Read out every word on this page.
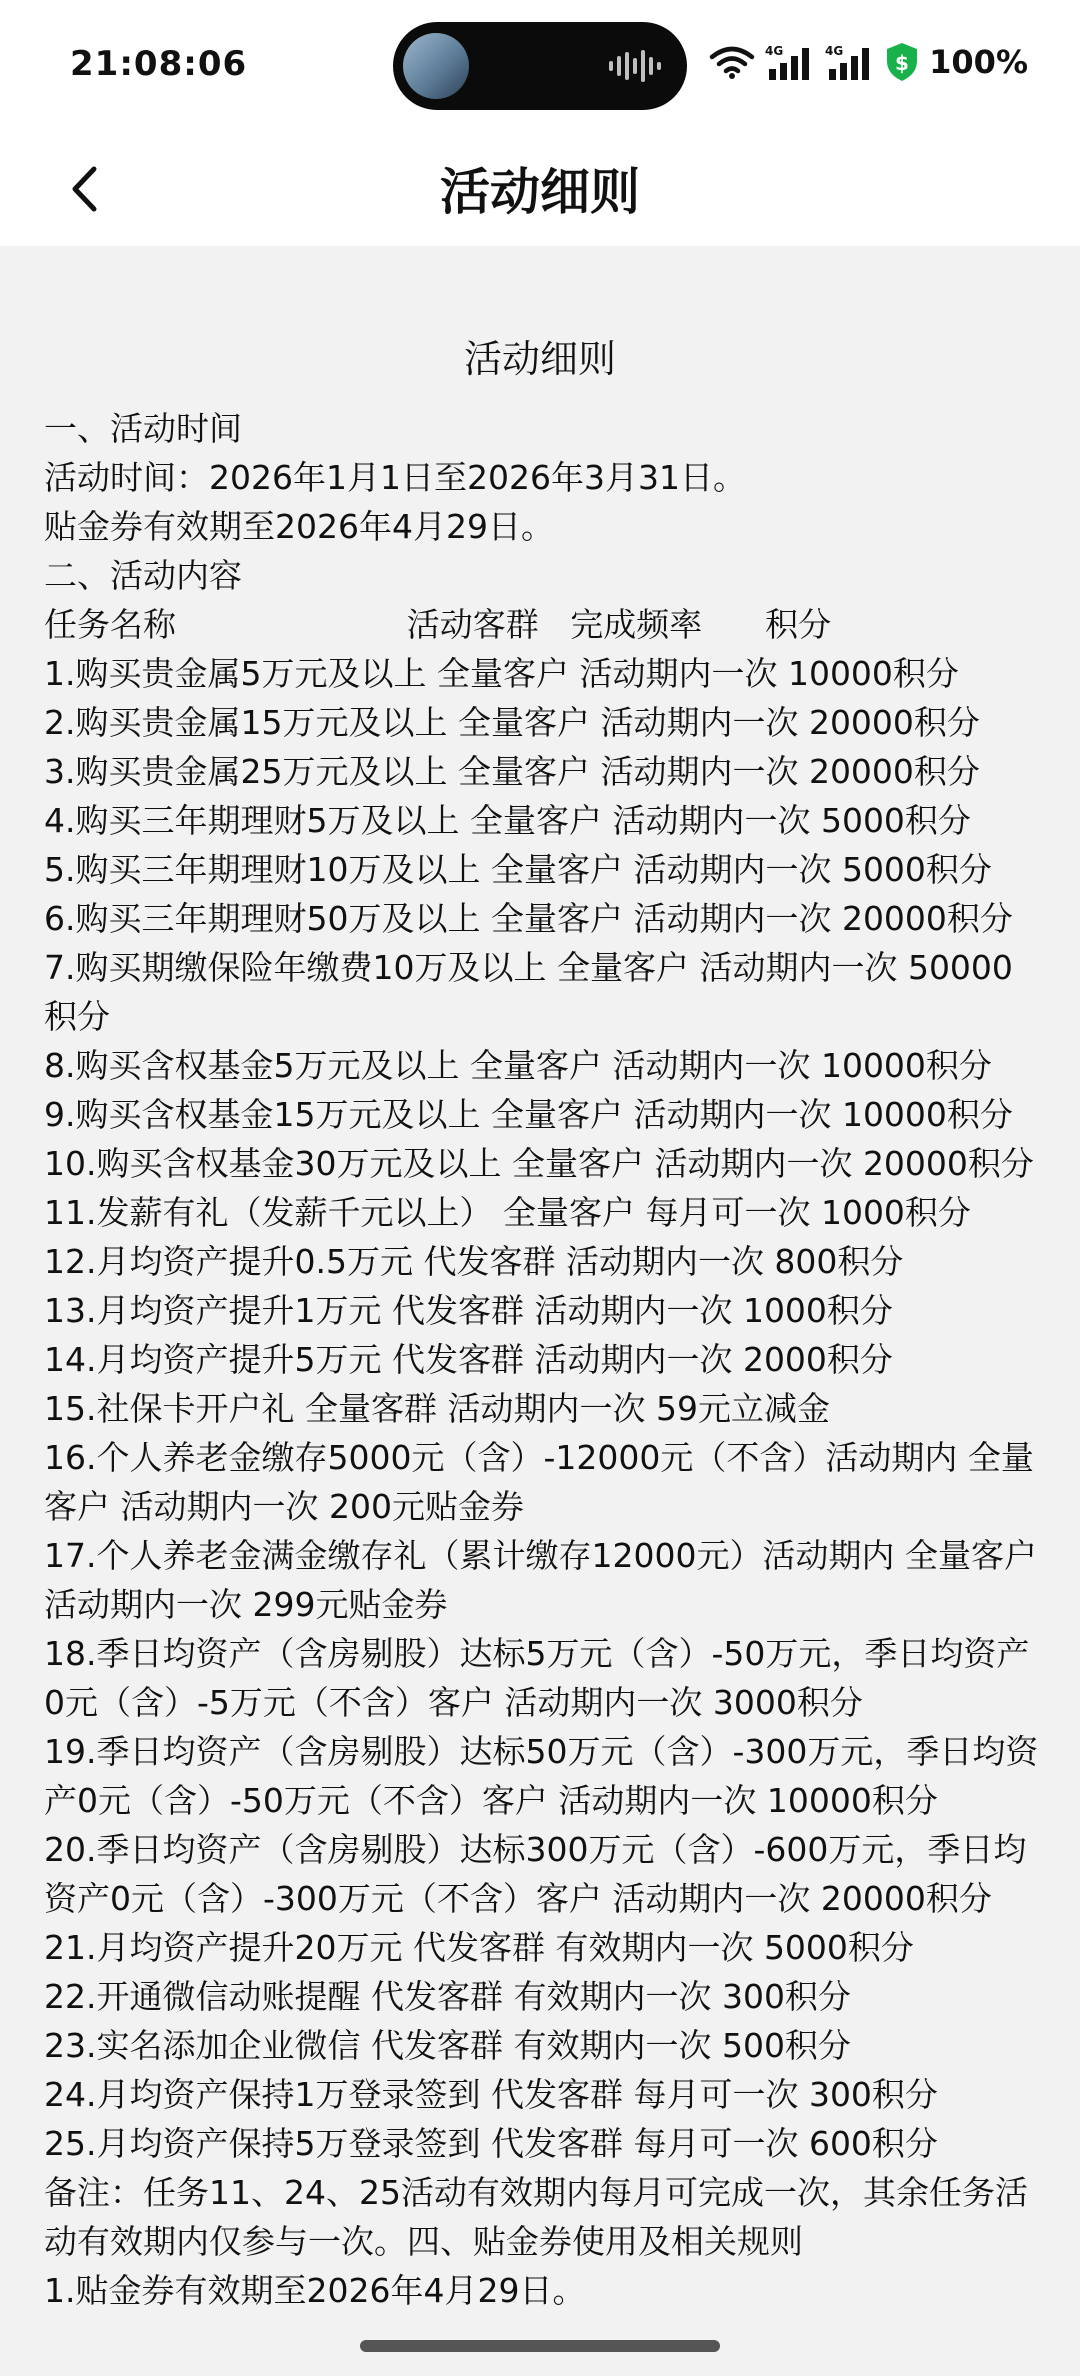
21:08:06	4G	4G	$ 100%
活动细则
活动细则
一、活动时间
活动时间：2026年1月1日至2026年3月31日。
贴金券有效期至2026年4月29日。
二、活动内容
任务名称                      活动客群   完成频率      积分
1.购买贵金属5万元及以上 全量客户 活动期内一次 10000积分
2.购买贵金属15万元及以上 全量客户 活动期内一次 20000积分
3.购买贵金属25万元及以上 全量客户 活动期内一次 20000积分
4.购买三年期理财5万及以上 全量客户 活动期内一次 5000积分
5.购买三年期理财10万及以上 全量客户 活动期内一次 5000积分
6.购买三年期理财50万及以上 全量客户 活动期内一次 20000积分
7.购买期缴保险年缴费10万及以上 全量客户 活动期内一次 50000积分
8.购买含权基金5万元及以上 全量客户 活动期内一次 10000积分
9.购买含权基金15万元及以上 全量客户 活动期内一次 10000积分
10.购买含权基金30万元及以上 全量客户 活动期内一次 20000积分
11.发薪有礼（发薪千元以上） 全量客户 每月可一次 1000积分
12.月均资产提升0.5万元 代发客群 活动期内一次 800积分
13.月均资产提升1万元 代发客群 活动期内一次 1000积分
14.月均资产提升5万元 代发客群 活动期内一次 2000积分
15.社保卡开户礼 全量客群 活动期内一次 59元立减金
16.个人养老金缴存5000元（含）-12000元（不含）活动期内 全量客户 活动期内一次 200元贴金券
17.个人养老金满金缴存礼（累计缴存12000元）活动期内 全量客户 活动期内一次 299元贴金券
18.季日均资产（含房剔股）达标5万元（含）-50万元，季日均资产0元（含）-5万元（不含）客户 活动期内一次 3000积分
19.季日均资产（含房剔股）达标50万元（含）-300万元，季日均资产0元（含）-50万元（不含）客户 活动期内一次 10000积分
20.季日均资产（含房剔股）达标300万元（含）-600万元，季日均资产0元（含）-300万元（不含）客户 活动期内一次 20000积分
21.月均资产提升20万元 代发客群 有效期内一次 5000积分
22.开通微信动账提醒 代发客群 有效期内一次 300积分
23.实名添加企业微信 代发客群 有效期内一次 500积分
24.月均资产保持1万登录签到 代发客群 每月可一次 300积分
25.月均资产保持5万登录签到 代发客群 每月可一次 600积分
备注：任务11、24、25活动有效期内每月可完成一次，其余任务活动有效期内仅参与一次。四、贴金券使用及相关规则
1.贴金券有效期至2026年4月29日。
